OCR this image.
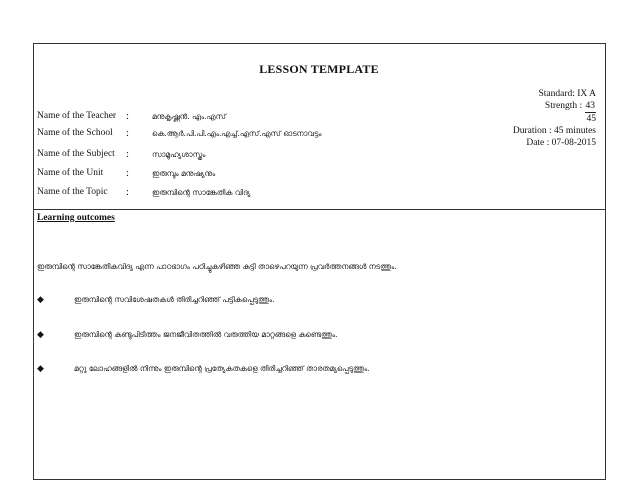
LESSON TEMPLATE
Name of the Teacher :	മനുകൃഷ്ണൻ. എം.എസ്
Name of the School	:	കെ.ആർ.പി.പി.എം.എച്ച്.എസ്.എസ് ഓടനാവട്ടം
Name of the Subject	:	സാമൂഹ്യശാസ്ത്രം
Name of the Unit	:	ഇരുമ്പും മനുഷ്യനും
Name of the Topic	:	ഇരുമ്പിന്റെ സാങ്കേതിക വിദ്യ
Standard: IX A
Strength : 43
45
Duration : 45 minutes
Date : 07-08-2015
Learning outcomes
ഇരുമ്പിന്റെ സാങ്കേതികവിദ്യ എന്ന പാഠഭാഗം പഠിച്ചുകഴിഞ്ഞ കുട്ടി താഴെപറയുന്ന പ്രവർത്തനങ്ങൾ നടത്തും.
◆	ഇരുമ്പിന്റെ സവിശേഷതകൾ തിരിച്ചറിഞ്ഞ് പട്ടികപ്പെടുത്തും.
◆	ഇരുമ്പിന്റെ കണ്ടുപിടിത്തം ജനജീവിതത്തിൽ വരുത്തിയ മാറ്റങ്ങളെ കണ്ടെത്തും.
◆	മറ്റു ലോഹങ്ങളിൽ നിന്നും ഇരുമ്പിന്റെ പ്രത്യേകതകളെ തിരിച്ചറിഞ്ഞ് താരതമ്യപ്പെടുത്തും.
